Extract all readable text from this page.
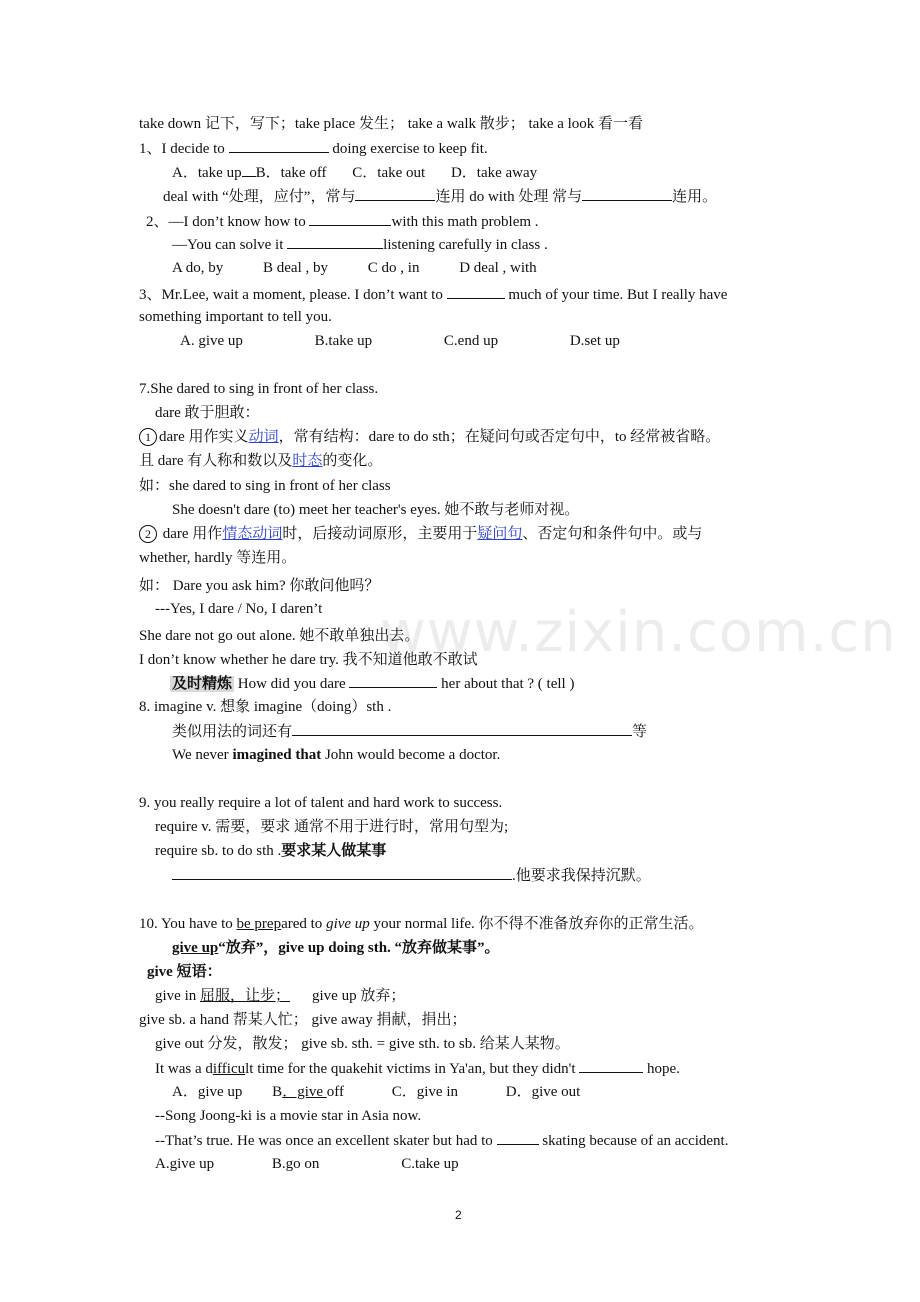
www.zixin.com.cn
take down 记下，写下；take place 发生； take a walk 散步； take a look 看一看
1、I decide to	doing exercise to keep fit.
A．take up B．take off C．take out D．take away
deal with “处理，应付”，常与	连用 do with 处理 常与	连用。
2、—I don’t know how to	with this math problem .
—You can solve it	listening carefully in class .
A do, by	B deal , by	C do , in	D deal , with
3、Mr.Lee, wait a moment, please. I don’t want to	much of your time. But I really have
something important to tell you.
A. give up	B.take up	C.end up	D.set up
7.She dared to sing in front of her class.
dare 敢于胆敢：
1 dare 用作实义动词，常有结构：dare to do sth；在疑问句或否定句中，to 经常被省略。
且 dare 有人称和数以及时态的变化。
如：she dared to sing in front of her class
She doesn't dare (to) meet her teacher's eyes. 她不敢与老师对视。
2 dare 用作情态动词时，后接动词原形，主要用于疑问句、否定句和条件句中。或与
whether, hardly 等连用。
如： Dare you ask him? 你敢问他吗？
---Yes, I dare / No, I daren’t
She dare not go out alone. 她不敢单独出去。
I don’t know whether he dare try. 我不知道他敢不敢试
及时精炼 How did you dare	her about that ? ( tell )
8. imagine v. 想象 imagine（doing）sth .
类似用法的词还有	等
We never imagined that John would become a doctor.
9. you really require a lot of talent and hard work to success.
require v. 需要，要求 通常不用于进行时，常用句型为;
require sb. to do sth .要求某人做某事
.他要求我保持沉默。
10. You have to be prepared to give up your normal life. 你不得不准备放弃你的正常生活。
give up“放弃”，give up doing sth. “放弃做某事”。
give 短语：
give in 屈服，让步； give up 放弃；
give sb. a hand 帮某人忙； give away 捐献，捐出；
give out 分发，散发； give sb. sth. = give sth. to sb. 给某人某物。
It was a difficult time for the quakehit victims in Ya'an, but they didn't	hope.
A．give up B．give off	C．give in	D．give out
--Song Joong-ki is a movie star in Asia now.
--That’s true. He was once an excellent skater but had to	skating because of an accident.
A.give up	B.go on	C.take up
2
